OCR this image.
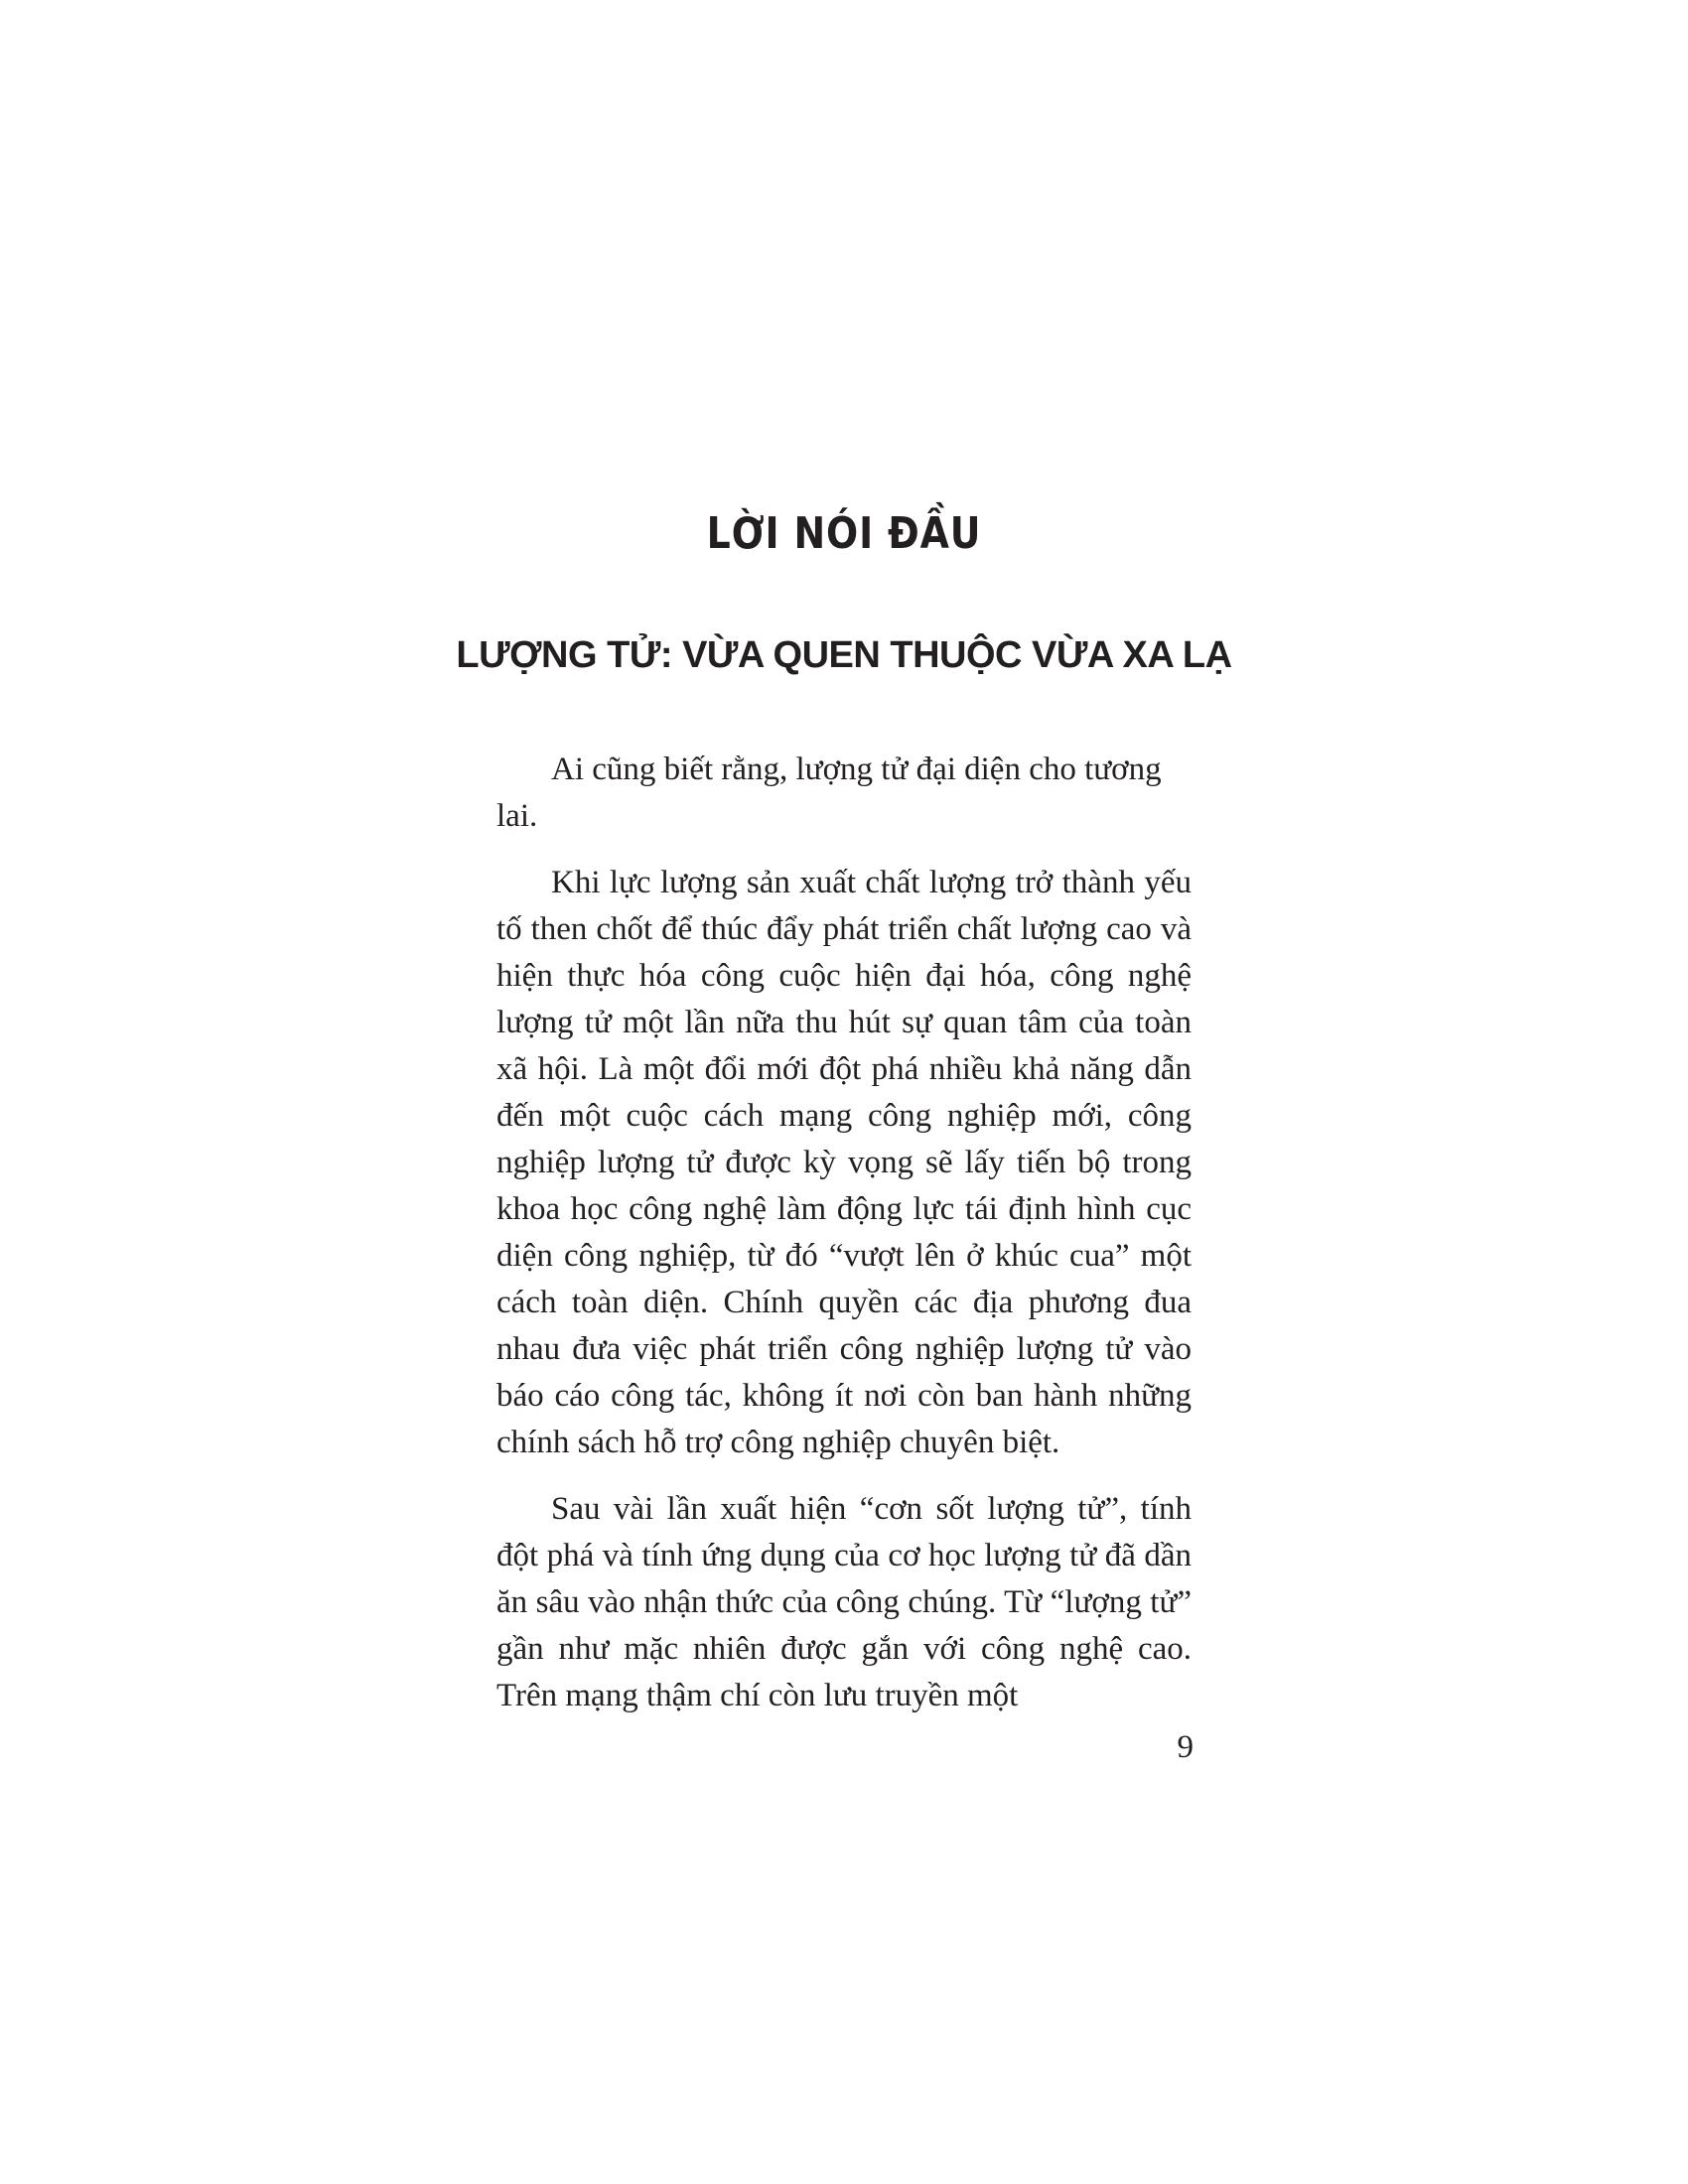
LỜI NÓI ĐẦU
LƯỢNG TỬ: VỪA QUEN THUỘC VỪA XA LẠ

Ai cũng biết rằng, lượng tử đại diện cho tương lai.

Khi lực lượng sản xuất chất lượng trở thành yếu tố then chốt để thúc đẩy phát triển chất lượng cao và hiện thực hóa công cuộc hiện đại hóa, công nghệ lượng tử một lần nữa thu hút sự quan tâm của toàn xã hội. Là một đổi mới đột phá nhiều khả năng dẫn đến một cuộc cách mạng công nghiệp mới, công nghiệp lượng tử được kỳ vọng sẽ lấy tiến bộ trong khoa học công nghệ làm động lực tái định hình cục diện công nghiệp, từ đó “vượt lên ở khúc cua” một cách toàn diện. Chính quyền các địa phương đua nhau đưa việc phát triển công nghiệp lượng tử vào báo cáo công tác, không ít nơi còn ban hành những chính sách hỗ trợ công nghiệp chuyên biệt.

Sau vài lần xuất hiện “cơn sốt lượng tử”, tính đột phá và tính ứng dụng của cơ học lượng tử đã dần ăn sâu vào nhận thức của công chúng. Từ “lượng tử” gần như mặc nhiên được gắn với công nghệ cao. Trên mạng thậm chí còn lưu truyền một

9
